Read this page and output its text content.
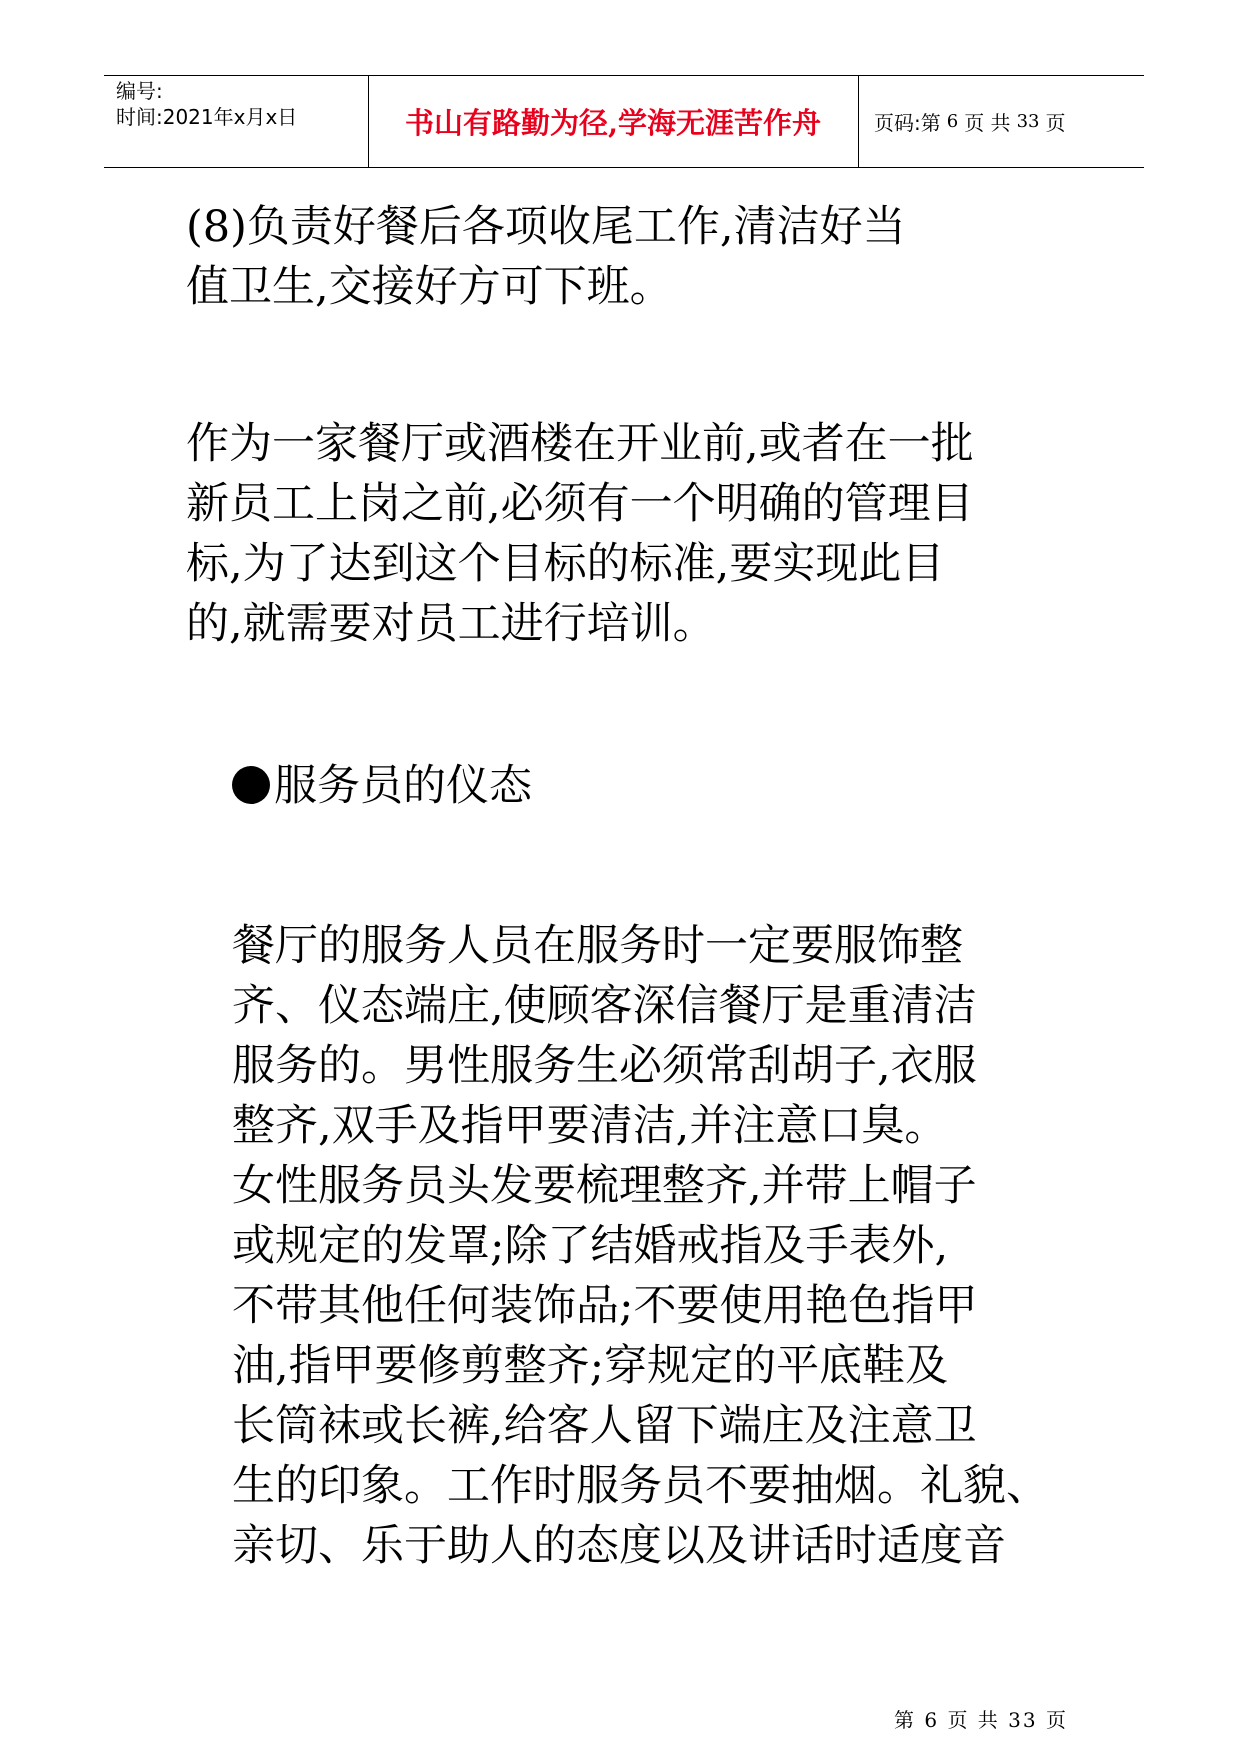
编号:
时间:2021年x月x日	书山有路勤为径,学海无涯苦作舟	页码:第 6 页 共 33 页
(8)负责好餐后各项收尾工作,清洁好当
值卫生,交接好方可下班。
作为一家餐厅或酒楼在开业前,或者在一批
新员工上岗之前,必须有一个明确的管理目
标,为了达到这个目标的标准,要实现此目
的,就需要对员工进行培训。
服务员的仪态
餐厅的服务人员在服务时一定要服饰整
齐、仪态端庄,使顾客深信餐厅是重清洁
服务的。男性服务生必须常刮胡子,衣服
整齐,双手及指甲要清洁,并注意口臭。
女性服务员头发要梳理整齐,并带上帽子
或规定的发罩;除了结婚戒指及手表外,
不带其他任何装饰品;不要使用艳色指甲
油,指甲要修剪整齐;穿规定的平底鞋及
长筒袜或长裤,给客人留下端庄及注意卫
生的印象。工作时服务员不要抽烟。礼貌、
亲切、乐于助人的态度以及讲话时适度音
第 6 页 共 33 页
